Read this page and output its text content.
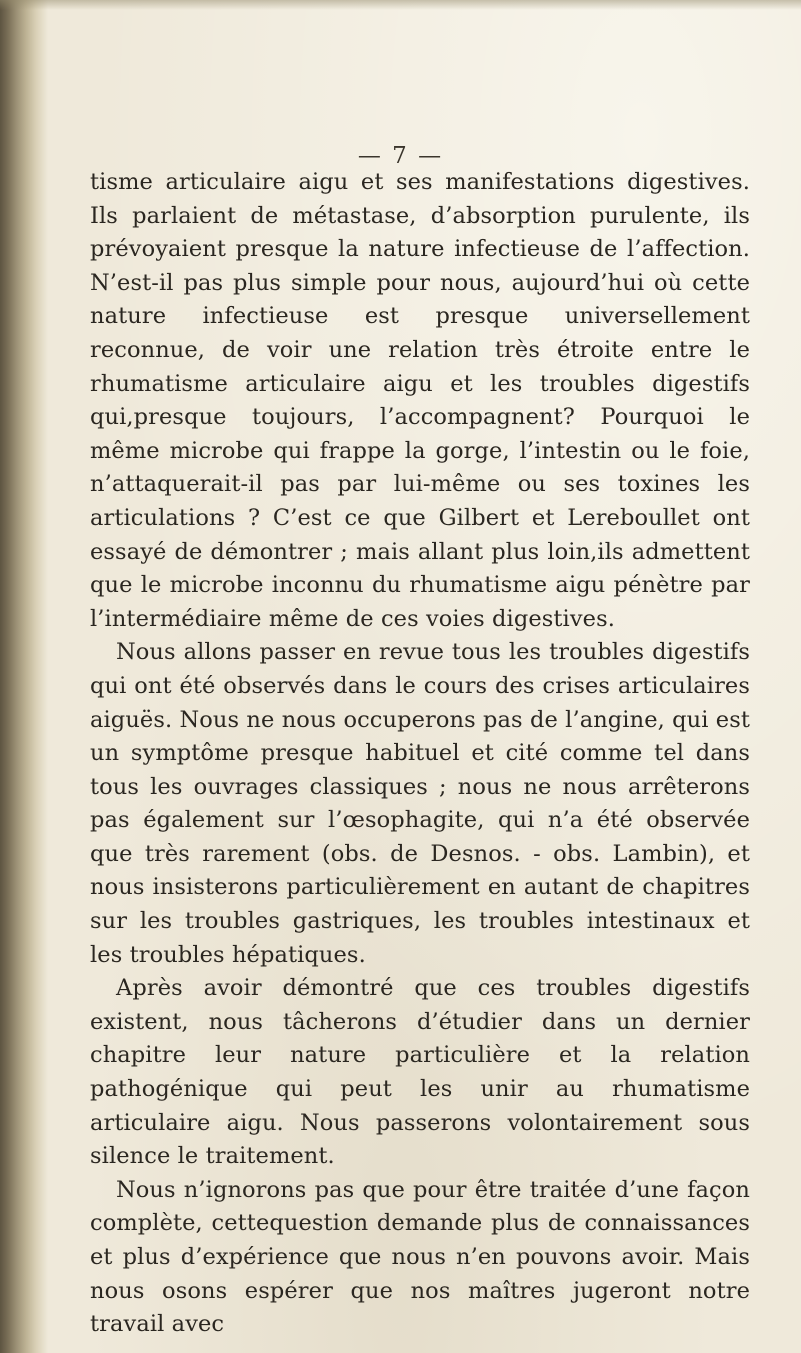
— 7 —

tisme articulaire aigu et ses manifestations digestives. Ils parlaient de métastase, d’absorption purulente, ils prévoyaient presque la nature infectieuse de l’affection. N’est-il pas plus simple pour nous, aujourd’hui où cette nature infectieuse est presque universellement reconnue, de voir une relation très étroite entre le rhumatisme articulaire aigu et les troubles digestifs qui,presque toujours, l’accompagnent? Pourquoi le même microbe qui frappe la gorge, l’intestin ou le foie, n’attaquerait-il pas par lui-même ou ses toxines les articulations ? C’est ce que Gilbert et Lereboullet ont essayé de démontrer ; mais allant plus loin,ils admettent que le microbe inconnu du rhumatisme aigu pénètre par l’intermédiaire même de ces voies digestives.

Nous allons passer en revue tous les troubles digestifs qui ont été observés dans le cours des crises articulaires aiguës. Nous ne nous occuperons pas de l’angine, qui est un symptôme presque habituel et cité comme tel dans tous les ouvrages classiques ; nous ne nous arrêterons pas également sur l’œsophagite, qui n’a été observée que très rarement (obs. de Desnos. - obs. Lambin), et nous insisterons particulièrement en autant de chapitres sur les troubles gastriques, les troubles intestinaux et les troubles hépatiques.

Après avoir démontré que ces troubles digestifs existent, nous tâcherons d’étudier dans un dernier chapitre leur nature particulière et la relation pathogénique qui peut les unir au rhumatisme articulaire aigu. Nous passerons volontairement sous silence le traitement.

Nous n’ignorons pas que pour être traitée d’une façon complète, cettequestion demande plus de connaissances et plus d’expérience que nous n’en pouvons avoir. Mais nous osons espérer que nos maîtres jugeront notre travail avec
